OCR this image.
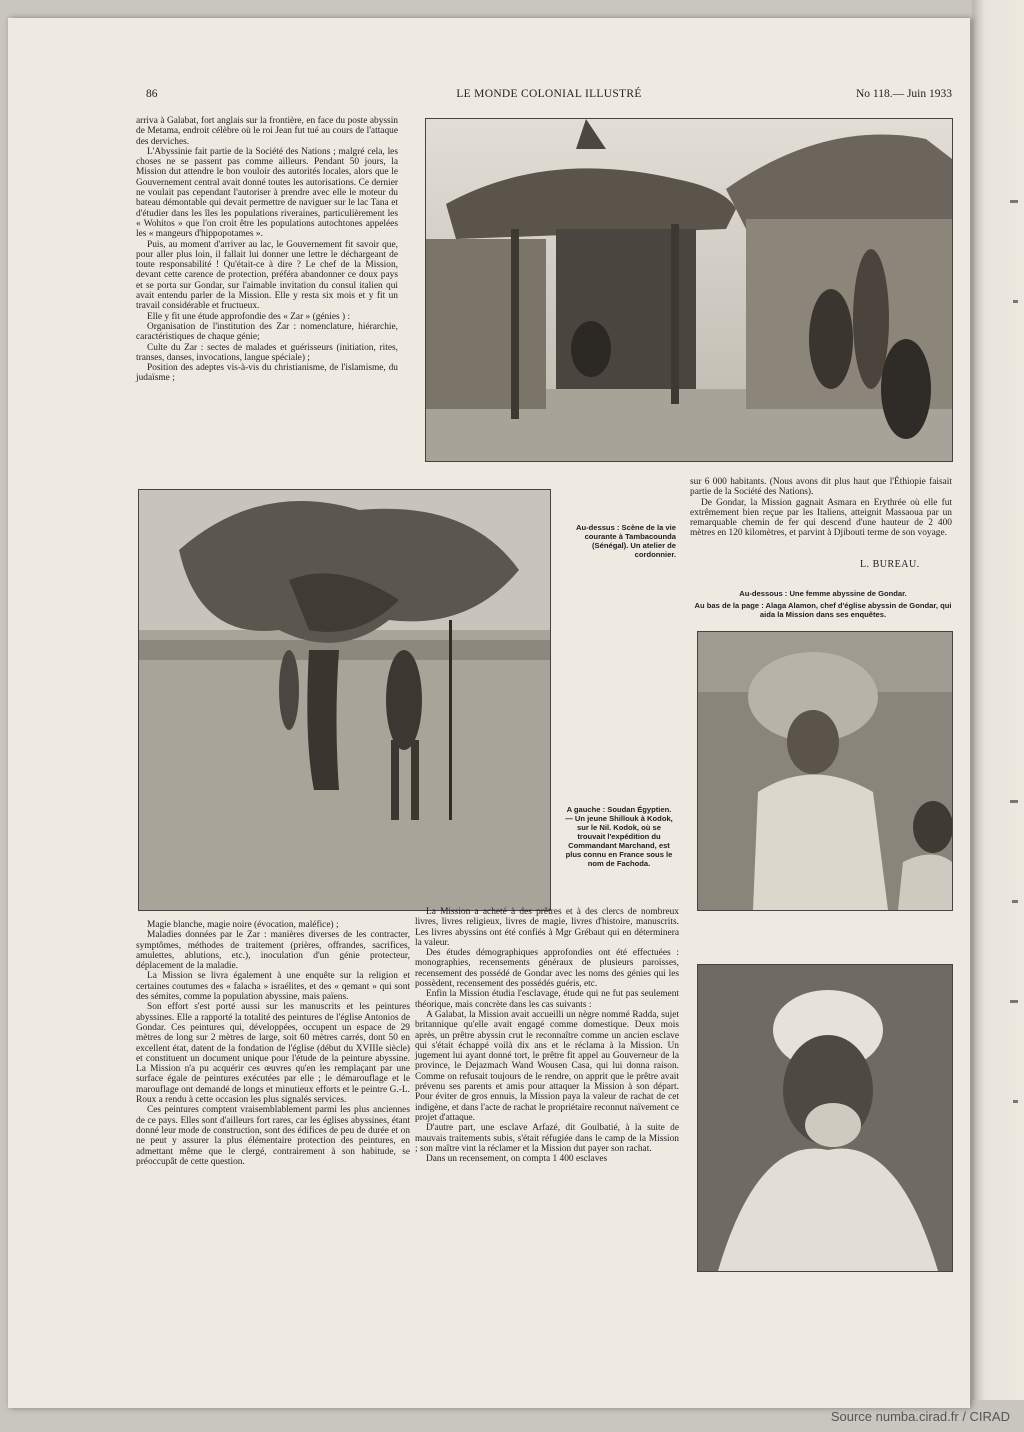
86	LE MONDE COLONIAL ILLUSTRÉ	No 118.— Juin 1933

arriva à Galabat, fort anglais sur la frontière, en face du poste abyssin de Metama, endroit célèbre où le roi Jean fut tué au cours de l'attaque des derviches.

L'Abyssinie fait partie de la Société des Nations ; malgré cela, les choses ne se passent pas comme ailleurs. Pendant 50 jours, la Mission dut attendre le bon vouloir des autorités locales, alors que le Gouvernement central avait donné toutes les autorisations. Ce dernier ne voulait pas cependant l'autoriser à prendre avec elle le moteur du bateau démontable qui devait permettre de naviguer sur le lac Tana et d'étudier dans les îles les populations riveraines, particulièrement les « Wohitos » que l'on croit être les populations autochtones appelées les « mangeurs d'hippopotames ».

Puis, au moment d'arriver au lac, le Gouvernement fit savoir que, pour aller plus loin, il fallait lui donner une lettre le déchargeant de toute responsabilité ! Qu'était-ce à dire ? Le chef de la Mission, devant cette carence de protection, préféra abandonner ce doux pays et se porta sur Gondar, sur l'aimable invitation du consul italien qui avait entendu parler de la Mission. Elle y resta six mois et y fit un travail considérable et fructueux.

Elle y fit une étude approfondie des « Zar » (génies ) :

Organisation de l'institution des Zar : nomenclature, hiérarchie, caractéristiques de chaque génie;

Culte du Zar : sectes de malades et guérisseurs (initiation, rites, transes, danses, invocations, langue spéciale) ;

Position des adeptes vis-à-vis du christianisme, de l'islamisme, du judaïsme ;

Au-dessus : Scène de la vie courante à Tambacounda (Sénégal). Un atelier de cordonnier.
A gauche : Soudan Égyptien. — Un jeune Shillouk à Kodok, sur le Nil. Kodok, où se trouvait l'expédition du Commandant Marchand, est plus connu en France sous le nom de Fachoda.

sur 6 000 habitants. (Nous avons dit plus haut que l'Éthiopie faisait partie de la Société des Nations).

De Gondar, la Mission gagnait Asmara en Erythrée où elle fut extrêmement bien reçue par les Italiens, atteignit Massaoua par un remarquable chemin de fer qui descend d'une hauteur de 2 400 mètres en 120 kilomètres, et parvint à Djibouti terme de son voyage.

L. BUREAU.
Au-dessous : Une femme abyssine de Gondar.
Au bas de la page : Alaga Alamon, chef d'église abyssin de Gondar, qui aida la Mission dans ses enquêtes.

Magie blanche, magie noire (évocation, maléfice) ;

Maladies données par le Zar : manières diverses de les contracter, symptômes, méthodes de traitement (prières, offrandes, sacrifices, amulettes, ablutions, etc.), inoculation d'un génie protecteur, déplacement de la maladie.

La Mission se livra également à une enquête sur la religion et certaines coutumes des « falacha » israélites, et des « qemant » qui sont des sémites, comme la population abyssine, mais païens.

Son effort s'est porté aussi sur les manuscrits et les peintures abyssines. Elle a rapporté la totalité des peintures de l'église Antonios de Gondar. Ces peintures qui, développées, occupent un espace de 29 mètres de long sur 2 mètres de large, soit 60 mètres carrés, dont 50 en excellent état, datent de la fondation de l'église (début du XVIIIe siècle) et constituent un document unique pour l'étude de la peinture abyssine. La Mission n'a pu acquérir ces œuvres qu'en les remplaçant par une surface égale de peintures exécutées par elle ; le démarouflage et le marouflage ont demandé de longs et minutieux efforts et le peintre G.-L. Roux a rendu à cette occasion les plus signalés services.

Ces peintures comptent vraisemblablement parmi les plus anciennes de ce pays. Elles sont d'ailleurs fort rares, car les églises abyssines, étant donné leur mode de construction, sont des édifices de peu de durée et on ne peut y assurer la plus élémentaire protection des peintures, en admettant même que le clergé, contrairement à son habitude, se préoccupât de cette question.

La Mission a acheté à des prêtres et à des clercs de nombreux livres, livres religieux, livres de magie, livres d'histoire, manuscrits. Les livres abyssins ont été confiés à Mgr Grébaut qui en déterminera la valeur.

Des études démographiques approfondies ont été effectuées : monographies, recensements généraux de plusieurs paroisses, recensement des possédé de Gondar avec les noms des génies qui les possèdent, recensement des possédés guéris, etc.

Enfin la Mission étudia l'esclavage, étude qui ne fut pas seulement théorique, mais concrète dans les cas suivants :

A Galabat, la Mission avait accueilli un nègre nommé Radda, sujet britannique qu'elle avait engagé comme domestique. Deux mois après, un prêtre abyssin crut le reconnaître comme un ancien esclave qui s'était échappé voilà dix ans et le réclama à la Mission. Un jugement lui ayant donné tort, le prêtre fit appel au Gouverneur de la province, le Dejazmach Wand Wousen Casa, qui lui donna raison. Comme on refusait toujours de le rendre, on apprit que le prêtre avait prévenu ses parents et amis pour attaquer la Mission à son départ. Pour éviter de gros ennuis, la Mission paya la valeur de rachat de cet indigène, et dans l'acte de rachat le propriétaire reconnut naïvement ce projet d'attaque.

D'autre part, une esclave Arfazé, dit Goulbatié, à la suite de mauvais traitements subis, s'était réfugiée dans le camp de la Mission ; son maître vint la réclamer et la Mission dut payer son rachat.

Dans un recensement, on compta 1 400 esclaves

Source numba.cirad.fr / CIRAD
